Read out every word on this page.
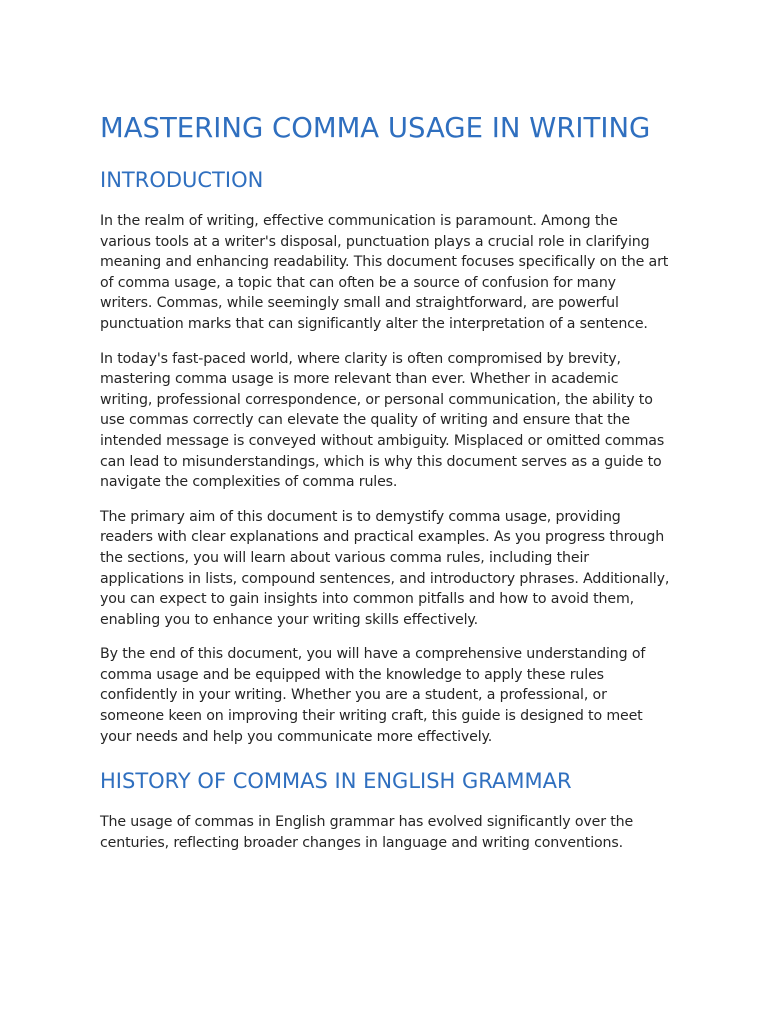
MASTERING COMMA USAGE IN WRITING
INTRODUCTION

In the realm of writing, effective communication is paramount. Among the various tools at a writer's disposal, punctuation plays a crucial role in clarifying meaning and enhancing readability. This document focuses specifically on the art of comma usage, a topic that can often be a source of confusion for many writers. Commas, while seemingly small and straightforward, are powerful punctuation marks that can significantly alter the interpretation of a sentence.

In today's fast-paced world, where clarity is often compromised by brevity, mastering comma usage is more relevant than ever. Whether in academic writing, professional correspondence, or personal communication, the ability to use commas correctly can elevate the quality of writing and ensure that the intended message is conveyed without ambiguity. Misplaced or omitted commas can lead to misunderstandings, which is why this document serves as a guide to navigate the complexities of comma rules.

The primary aim of this document is to demystify comma usage, providing readers with clear explanations and practical examples. As you progress through the sections, you will learn about various comma rules, including their applications in lists, compound sentences, and introductory phrases. Additionally, you can expect to gain insights into common pitfalls and how to avoid them, enabling you to enhance your writing skills effectively.

By the end of this document, you will have a comprehensive understanding of comma usage and be equipped with the knowledge to apply these rules confidently in your writing. Whether you are a student, a professional, or someone keen on improving their writing craft, this guide is designed to meet your needs and help you communicate more effectively.

HISTORY OF COMMAS IN ENGLISH GRAMMAR

The usage of commas in English grammar has evolved significantly over the centuries, reflecting broader changes in language and writing conventions.
